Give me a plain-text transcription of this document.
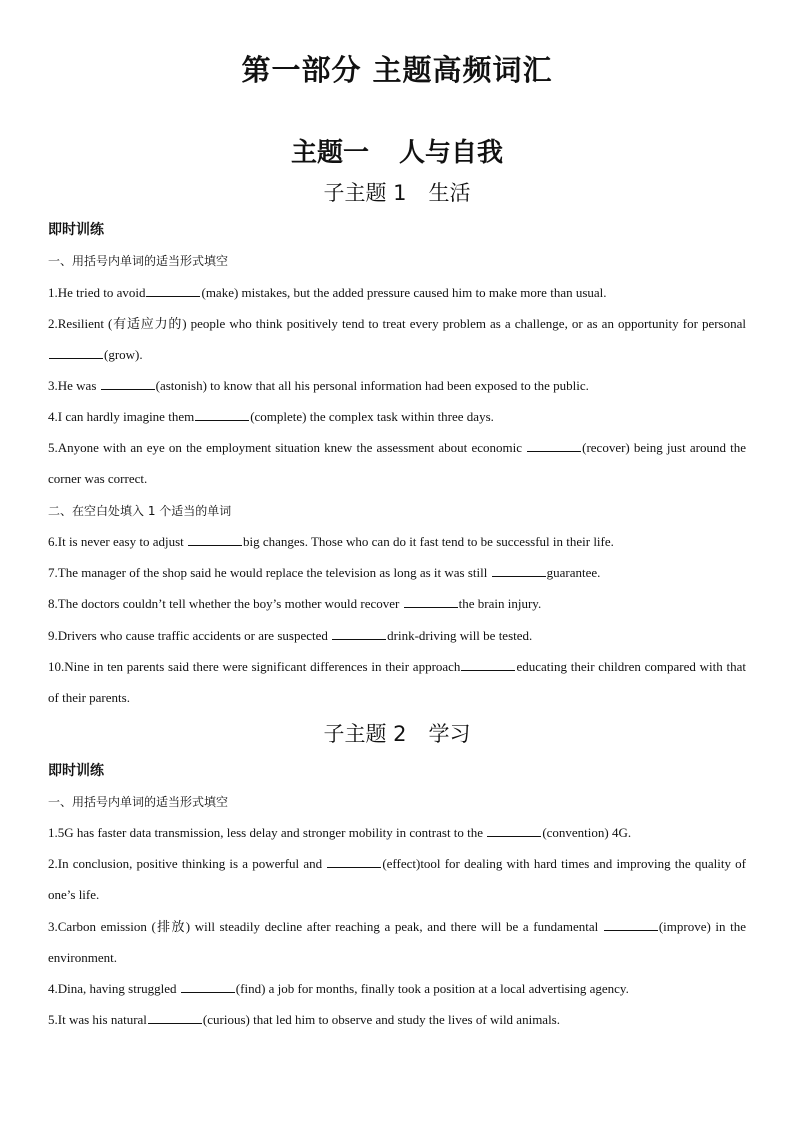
第一部分 主题高频词汇
主题一 人与自我
子主题 1 生活
即时训练
一、用括号内单词的适当形式填空
1.He tried to avoid	(make) mistakes, but the added pressure caused him to make more than usual.
2.Resilient (有适应力的) people who think positively tend to treat every problem as a challenge, or as an opportunity for personal(grow).
3.He was	(astonish) to know that all his personal information had been exposed to the public.
4.I can hardly imagine them	(complete) the complex task within three days.
5.Anyone with an eye on the employment situation knew the assessment about economic	(recover) being just around the corner was correct.
二、在空白处填入 1 个适当的单词
6.It is never easy to adjust	big changes. Those who can do it fast tend to be successful in their life.
7.The manager of the shop said he would replace the television as long as it was still	guarantee.
8.The doctors couldn’t tell whether the boy’s mother would recover	the brain injury.
9.Drivers who cause traffic accidents or are suspected	drink-driving will be tested.
10.Nine in ten parents said there were significant differences in their approach	educating their children compared with that of their parents.
子主题 2 学习
即时训练
一、用括号内单词的适当形式填空
1.5G has faster data transmission, less delay and stronger mobility in contrast to the	(convention) 4G.
2.In conclusion, positive thinking is a powerful and	(effect)tool for dealing with hard times and improving the quality of one’s life.
3.Carbon emission (排放) will steadily decline after reaching a peak, and there will be a fundamental	(improve) in the environment.
4.Dina, having struggled	(find) a job for months, finally took a position at a local advertising agency.
5.It was his natural	(curious) that led him to observe and study the lives of wild animals.
